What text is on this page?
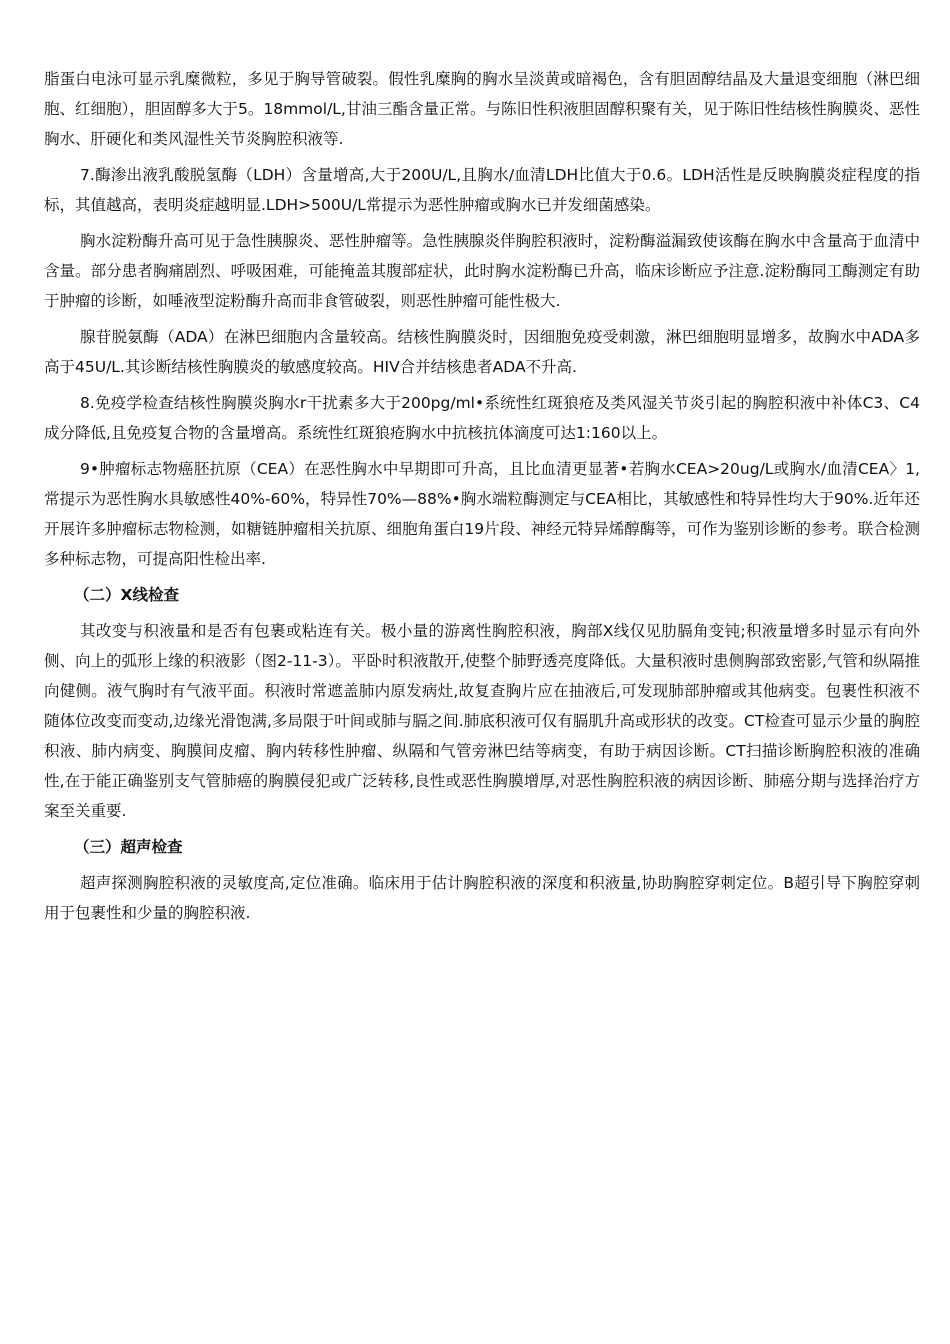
脂蛋白电泳可显示乳糜微粒，多见于胸导管破裂。假性乳糜胸的胸水呈淡黄或暗褐色，含有胆固醇结晶及大量退变细胞（淋巴细胞、红细胞），胆固醇多大于5。18mmol/L,甘油三酯含量正常。与陈旧性积液胆固醇积聚有关，见于陈旧性结核性胸膜炎、恶性胸水、肝硬化和类风湿性关节炎胸腔积液等.

7.酶渗出液乳酸脱氢酶（LDH）含量增高,大于200U/L,且胸水/血清LDH比值大于0.6。LDH活性是反映胸膜炎症程度的指标，其值越高，表明炎症越明显.LDH>500U/L常提示为恶性肿瘤或胸水已并发细菌感染。

胸水淀粉酶升高可见于急性胰腺炎、恶性肿瘤等。急性胰腺炎伴胸腔积液时，淀粉酶溢漏致使该酶在胸水中含量高于血清中含量。部分患者胸痛剧烈、呼吸困难，可能掩盖其腹部症状，此时胸水淀粉酶已升高，临床诊断应予注意.淀粉酶同工酶测定有助于肿瘤的诊断，如唾液型淀粉酶升高而非食管破裂，则恶性肿瘤可能性极大.

腺苷脱氨酶（ADA）在淋巴细胞内含量较高。结核性胸膜炎时，因细胞免疫受刺激，淋巴细胞明显增多，故胸水中ADA多高于45U/L.其诊断结核性胸膜炎的敏感度较高。HIV合并结核患者ADA不升高.

8.免疫学检查结核性胸膜炎胸水r干扰素多大于200pg/ml•系统性红斑狼疮及类风湿关节炎引起的胸腔积液中补体C3、C4成分降低,且免疫复合物的含量增高。系统性红斑狼疮胸水中抗核抗体滴度可达1:160以上。

9•肿瘤标志物癌胚抗原（CEA）在恶性胸水中早期即可升高，且比血清更显著•若胸水CEA>20ug/L或胸水/血清CEA〉1,常提示为恶性胸水具敏感性40%-60%，特异性70%—88%•胸水端粒酶测定与CEA相比，其敏感性和特异性均大于90%.近年还开展许多肿瘤标志物检测，如糖链肿瘤相关抗原、细胞角蛋白19片段、神经元特异烯醇酶等，可作为鉴别诊断的参考。联合检测多种标志物，可提高阳性检出率.

（二）X线检查

其改变与积液量和是否有包裹或粘连有关。极小量的游离性胸腔积液，胸部X线仅见肋膈角变钝;积液量增多时显示有向外侧、向上的弧形上缘的积液影（图2-11-3）。平卧时积液散开,使整个肺野透亮度降低。大量积液时患侧胸部致密影,气管和纵隔推向健侧。液气胸时有气液平面。积液时常遮盖肺内原发病灶,故复查胸片应在抽液后,可发现肺部肿瘤或其他病变。包裹性积液不随体位改变而变动,边缘光滑饱满,多局限于叶间或肺与膈之间.肺底积液可仅有膈肌升高或形状的改变。CT检查可显示少量的胸腔积液、肺内病变、胸膜间皮瘤、胸内转移性肿瘤、纵隔和气管旁淋巴结等病变，有助于病因诊断。CT扫描诊断胸腔积液的准确性,在于能正确鉴别支气管肺癌的胸膜侵犯或广泛转移,良性或恶性胸膜增厚,对恶性胸腔积液的病因诊断、肺癌分期与选择治疗方案至关重要.

（三）超声检查

超声探测胸腔积液的灵敏度高,定位准确。临床用于估计胸腔积液的深度和积液量,协助胸腔穿刺定位。B超引导下胸腔穿刺用于包裹性和少量的胸腔积液.
